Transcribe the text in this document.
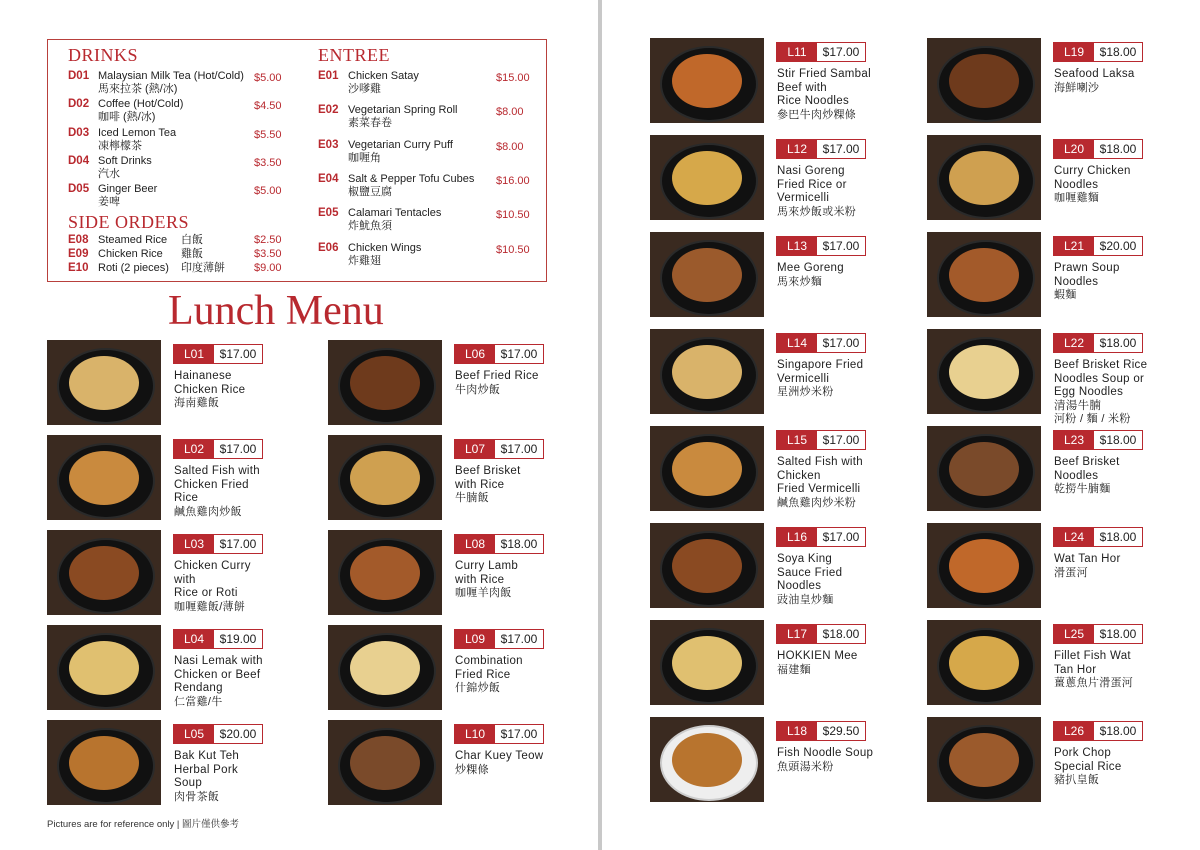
DRINKS
D01 Malaysian Milk Tea (Hot/Cold)
馬來拉茶 (熱/冰)
$5.00
D02 Coffee (Hot/Cold)
咖啡 (熱/冰)
$4.50
D03 Iced Lemon Tea
凍檸檬茶
$5.50
D04 Soft Drinks
汽水
$3.50
D05 Ginger Beer
姜啤
$5.00
SIDE ORDERS
E08 Steamed Rice 白飯	$2.50
E09 Chicken Rice 雞飯	$3.50
E10 Roti (2 pieces) 印度薄餅	$9.00
ENTREE
E01 Chicken Satay
沙嗲雞
$15.00
E02 Vegetarian Spring Roll
素菜春卷
$8.00
E03 Vegetarian Curry Puff
咖喱角
$8.00
E04 Salt & Pepper Tofu Cubes
椒鹽豆腐
$16.00
E05 Calamari Tentacles
炸魷魚須
$10.50
E06 Chicken Wings
炸雞翅
$10.50
Lunch Menu
L01	$17.00
Hainanese
Chicken Rice
海南雞飯
L02	$17.00
Salted Fish with
Chicken Fried
Rice
鹹魚雞肉炒飯
L03	$17.00
Chicken Curry with
Rice or Roti
咖喱雞飯/薄餅
L04	$19.00
Nasi Lemak with
Chicken or Beef
Rendang
仁當雞/牛
L05	$20.00
Bak Kut Teh
Herbal Pork
Soup
肉骨茶飯
L06	$17.00
Beef Fried Rice
牛肉炒飯
L07	$17.00
Beef Brisket
with Rice
牛腩飯
L08	$18.00
Curry Lamb
with Rice
咖喱羊肉飯
L09	$17.00
Combination
Fried Rice
什錦炒飯
L10	$17.00
Char Kuey Teow
炒粿條
Pictures are for reference only | 圖片僅供參考
L11	$17.00
Stir Fried Sambal
Beef with
Rice Noodles
參巴牛肉炒粿條
L12	$17.00
Nasi Goreng
Fried Rice or
Vermicelli
馬來炒飯或米粉
L13	$17.00
Mee Goreng
馬來炒麵
L14	$17.00
Singapore Fried
Vermicelli
星洲炒米粉
L15	$17.00
Salted Fish with
Chicken
Fried Vermicelli
鹹魚雞肉炒米粉
L16	$17.00
Soya King
Sauce Fried
Noodles
豉油皇炒麵
L17	$18.00
HOKKIEN Mee
福建麵
L18	$29.50
Fish Noodle Soup
魚頭湯米粉
L19	$18.00
Seafood Laksa
海鮮喇沙
L20	$18.00
Curry Chicken
Noodles
咖喱雞麵
L21	$20.00
Prawn Soup
Noodles
蝦麵
L22	$18.00
Beef Brisket Rice
Noodles Soup or
Egg Noodles
清湯牛腩
河粉 / 麵 / 米粉
L23	$18.00
Beef Brisket
Noodles
乾撈牛腩麵
L24	$18.00
Wat Tan Hor
滑蛋河
L25	$18.00
Fillet Fish Wat
Tan Hor
薑蔥魚片滑蛋河
L26	$18.00
Pork Chop
Special Rice
豬扒皇飯
